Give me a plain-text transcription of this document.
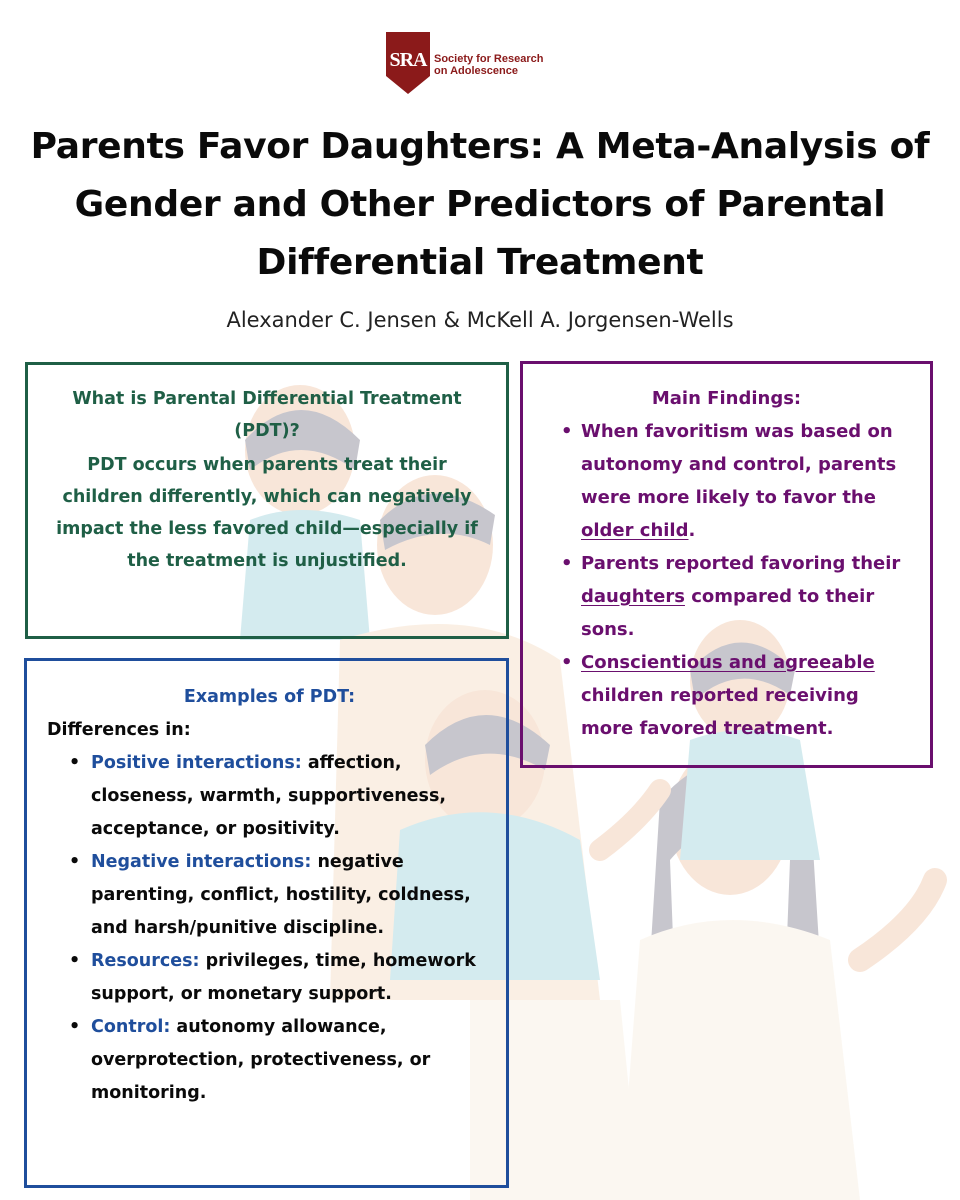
SRA Society for Research
on Adolescence
Parents Favor Daughters: A Meta-Analysis of Gender and Other Predictors of Parental Differential Treatment
Alexander C. Jensen & McKell A. Jorgensen-Wells

What is Parental Differential Treatment (PDT)?

PDT occurs when parents treat their children differently, which can negatively impact the less favored child—especially if the treatment is unjustified.

Main Findings:

• When favoritism was based on autonomy and control, parents were more likely to favor the older child.
• Parents reported favoring their daughters compared to their sons.
• Conscientious and agreeable children reported receiving more favored treatment.

Examples of PDT:

Differences in:

• Positive interactions: affection, closeness, warmth, supportiveness, acceptance, or positivity.
• Negative interactions: negative parenting, conflict, hostility, coldness, and harsh/punitive discipline.
• Resources: privileges, time, homework support, or monetary support.
• Control: autonomy allowance, overprotection, protectiveness, or monitoring.
